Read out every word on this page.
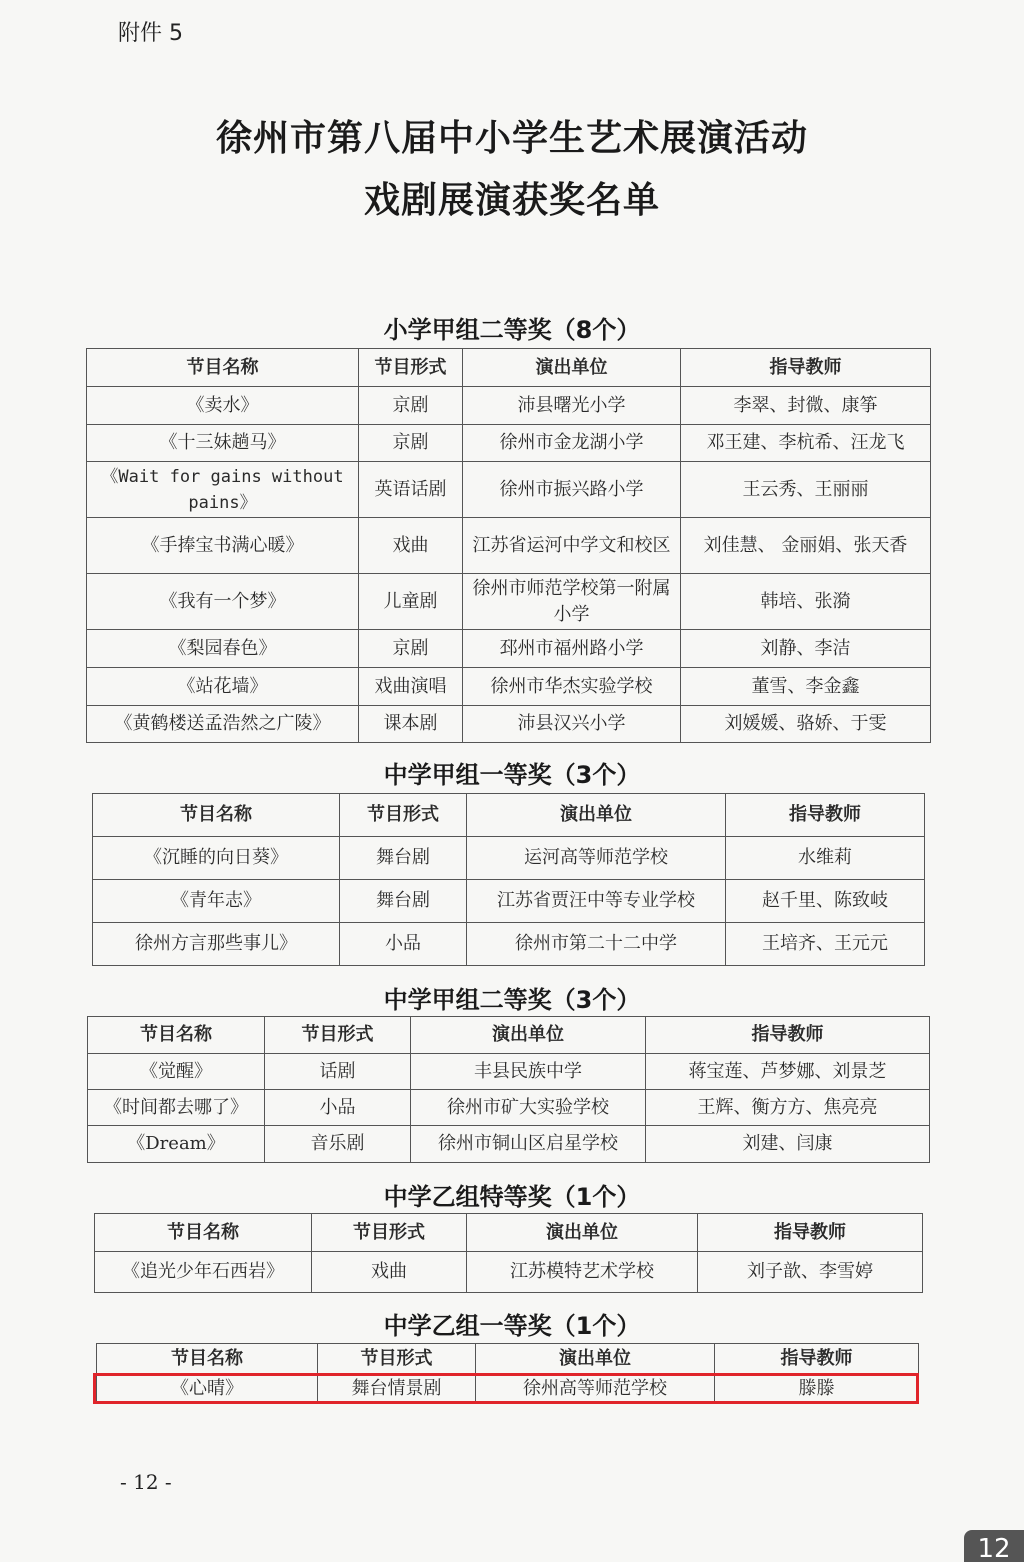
附件 5
徐州市第八届中小学生艺术展演活动
戏剧展演获奖名单
小学甲组二等奖（8个）
节目名称	节目形式	演出单位	指导教师
《卖水》	京剧	沛县曙光小学	李翠、封微、康筝
《十三妹趟马》	京剧	徐州市金龙湖小学	邓王建、李杭希、汪龙飞
《Wait for gains without pains》	英语话剧	徐州市振兴路小学	王云秀、王丽丽
《手捧宝书满心暖》	戏曲	江苏省运河中学文和校区	刘佳慧、 金丽娟、张天香
《我有一个梦》	儿童剧	徐州市师范学校第一附属小学	韩培、张漪
《梨园春色》	京剧	邳州市福州路小学	刘静、李洁
《站花墙》	戏曲演唱	徐州市华杰实验学校	董雪、李金鑫
《黄鹤楼送孟浩然之广陵》	课本剧	沛县汉兴小学	刘媛媛、骆娇、于雯
中学甲组一等奖（3个）
节目名称	节目形式	演出单位	指导教师
《沉睡的向日葵》	舞台剧	运河高等师范学校	水维莉
《青年志》	舞台剧	江苏省贾汪中等专业学校	赵千里、陈致岐
徐州方言那些事儿》	小品	徐州市第二十二中学	王培齐、王元元
中学甲组二等奖（3个）
节目名称	节目形式	演出单位	指导教师
《觉醒》	话剧	丰县民族中学	蒋宝莲、芦梦娜、刘景芝
《时间都去哪了》	小品	徐州市矿大实验学校	王辉、衡方方、焦亮亮
《Dream》	音乐剧	徐州市铜山区启星学校	刘建、闫康
中学乙组特等奖（1个）
节目名称	节目形式	演出单位	指导教师
《追光少年石西岩》	戏曲	江苏模特艺术学校	刘子歆、李雪婷
中学乙组一等奖（1个）
节目名称	节目形式	演出单位	指导教师
《心晴》	舞台情景剧	徐州高等师范学校	滕滕
- 12 -
12
